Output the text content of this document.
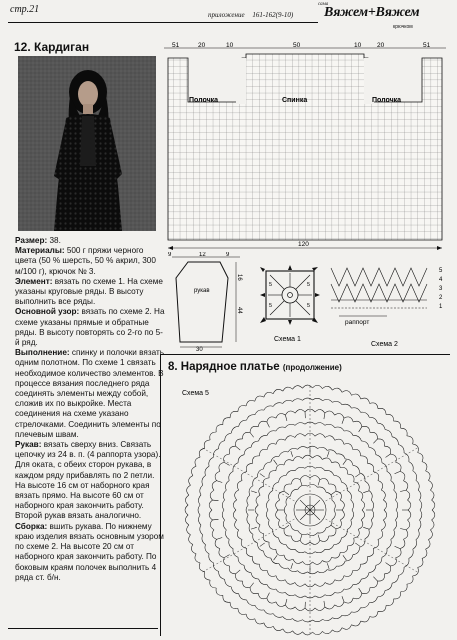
стр.21	приложение 161-162(9-10)
сама
Вяжем+Вяжем
крючком
12. Кардиган

Размер: 38.

Материалы: 500 г пряжи черного цвета (50 % шерсть, 50 % акрил, 300 м/100 г), крючок № 3.

Элемент: вязать по схеме 1. На схеме указаны круговые ряды. В высоту выполнить все ряды.

Основной узор: вязать по схеме 2. На схеме указаны прямые и обратные ряды. В высоту повторять со 2-го по 5-й ряд.

Выполнение: спинку и полочки вязать одним полотном. По схеме 1 связать необходимое количество элементов. В процессе вязания последнего ряда соединять элементы между собой, сложив их по выкройке. Места соединения на схеме указано стрелочками. Соединить элементы по плечевым швам.

Рукав: вязать сверху вниз. Связать цепочку из 24 в. п. (4 раппорта узора). Для оката, с обеих сторон рукава, в каждом ряду прибавлять по 2 петли. На высоте 16 см от наборного края вязать прямо. На высоте 60 см от наборного края закончить работу. Второй рукав вязать аналогично.

Сборка: вшить рукава. По нижнему краю изделия вязать основным узором по схеме 2. На высоте 20 см от наборного края закончить работу. По боковым краям полочек выполнить 4 ряда ст. б/н.

51	20	10	50	10 20	51
Полочка	Спинка	Полочка
120
9	12	9
рукав
16
44
30
5	5
5	5
Схема 1
5
4
3
2
1
раппорт
Схема 2
8. Нарядное платье (продолжение)
Схема 5
